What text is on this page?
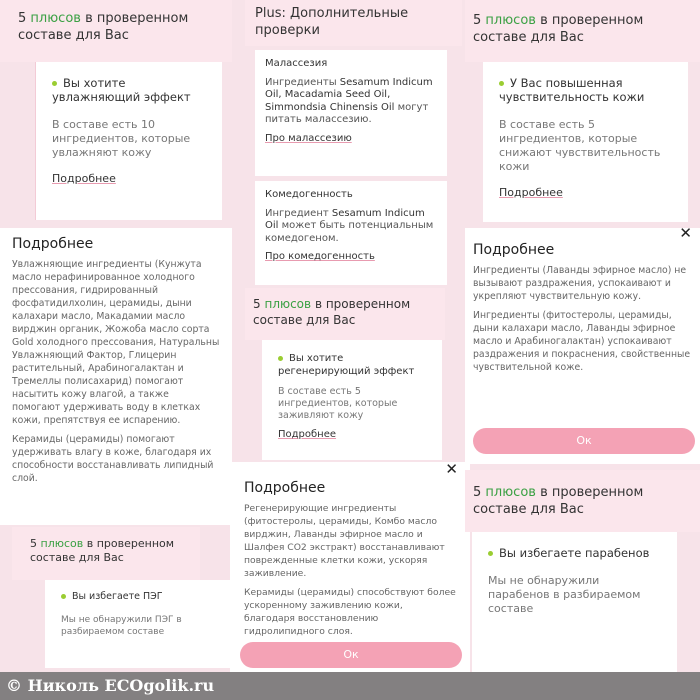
5 плюсов в проверенном составе для Вас
Вы хотите увлажняющий эффект
В составе есть 10 ингредиентов, которые увлажняют кожу
Подробнее
Подробнее

Увлажняющие ингредиенты (Кунжута масло нерафинированное холодного прессования, гидрированный фосфатидилхолин, церамиды, дыни калахари масло, Макадамии масло вирджин органик, Жожоба масло сорта Gold холодного прессования, Натуральны Увлажняющий Фактор, Глицерин растительный, Арабиногалактан и Тремеллы полисахарид) помогают насытить кожу влагой, а также помогают удерживать воду в клетках кожи, препятствуя ее испарению.

Керамиды (церамиды) помогают удерживать влагу в коже, благодаря их способности восстанавливать липидный слой.

5 плюсов в проверенном составе для Вас
Вы избегаете ПЭГ
Мы не обнаружили ПЭГ в разбираемом составе
Plus: Дополнительные проверки
Малассезия
Ингредиенты Sesamum Indicum Oil, Macadamia Seed Oil, Simmondsia Chinensis Oil могут питать малассезию.
Про малассезию
Комедогенность
Ингредиент Sesamum Indicum Oil может быть потенциальным комедогеном.
Про комедогенность
5 плюсов в проверенном составе для Вас
Вы хотите регенерирующий эффект
В составе есть 5 ингредиентов, которые заживляют кожу
Подробнее
✕
Подробнее

Регенерирующие ингредиенты (фитостеролы, церамиды, Комбо масло вирджин, Лаванды эфирное масло и Шалфея CO2 экстракт) восстанавливают поврежденные клетки кожи, ускоряя заживление.

Керамиды (церамиды) способствуют более ускоренному заживлению кожи, благодаря восстановлению гидролипидного слоя.

Ок
5 плюсов в проверенном составе для Вас
У Вас повышенная чувствительность кожи
В составе есть 5 ингредиентов, которые снижают чувствительность кожи
Подробнее
✕
Подробнее

Ингредиенты (Лаванды эфирное масло) не вызывают раздражения, успокаивают и укрепляют чувствительную кожу.

Ингредиенты (фитостеролы, церамиды, дыни калахари масло, Лаванды эфирное масло и Арабиногалактан) успокаивают раздражения и покраснения, свойственные чувствительной коже.

Ок
5 плюсов в проверенном составе для Вас
Вы избегаете парабенов
Мы не обнаружили парабенов в разбираемом составе
© Николь ECOgolik.ru
